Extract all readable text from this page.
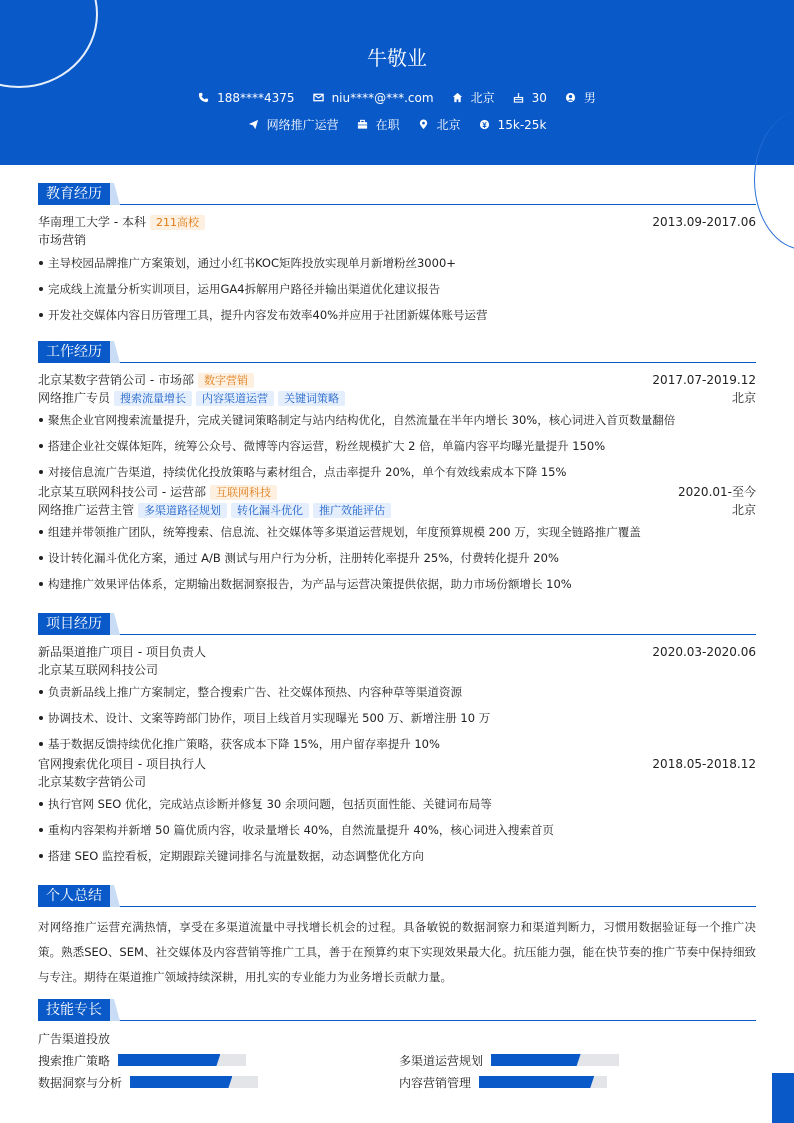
牛敬业
188****4375	niu****@***.com	北京	30	男
网络推广运营	在职	北京	15k-25k
教育经历
华南理工大学 - 本科 211高校	2013.09-2017.06
市场营销
主导校园品牌推广方案策划，通过小红书KOC矩阵投放实现单月新增粉丝3000+
完成线上流量分析实训项目，运用GA4拆解用户路径并输出渠道优化建议报告
开发社交媒体内容日历管理工具，提升内容发布效率40%并应用于社团新媒体账号运营
工作经历
北京某数字营销公司 - 市场部 数字营销	2017.07-2019.12
网络推广专员 搜索流量增长 内容渠道运营 关键词策略	北京
聚焦企业官网搜索流量提升，完成关键词策略制定与站内结构优化，自然流量在半年内增长 30%，核心词进入首页数量翻倍
搭建企业社交媒体矩阵，统筹公众号、微博等内容运营，粉丝规模扩大 2 倍，单篇内容平均曝光量提升 150%
对接信息流广告渠道，持续优化投放策略与素材组合，点击率提升 20%，单个有效线索成本下降 15%
北京某互联网科技公司 - 运营部 互联网科技	2020.01-至今
网络推广运营主管 多渠道路径规划 转化漏斗优化 推广效能评估	北京
组建并带领推广团队，统筹搜索、信息流、社交媒体等多渠道运营规划，年度预算规模 200 万，实现全链路推广覆盖
设计转化漏斗优化方案，通过 A/B 测试与用户行为分析，注册转化率提升 25%，付费转化提升 20%
构建推广效果评估体系，定期输出数据洞察报告，为产品与运营决策提供依据，助力市场份额增长 10%
项目经历
新品渠道推广项目 - 项目负责人	2020.03-2020.06
北京某互联网科技公司
负责新品线上推广方案制定，整合搜索广告、社交媒体预热、内容种草等渠道资源
协调技术、设计、文案等跨部门协作，项目上线首月实现曝光 500 万、新增注册 10 万
基于数据反馈持续优化推广策略，获客成本下降 15%，用户留存率提升 10%
官网搜索优化项目 - 项目执行人	2018.05-2018.12
北京某数字营销公司
执行官网 SEO 优化，完成站点诊断并修复 30 余项问题，包括页面性能、关键词布局等
重构内容架构并新增 50 篇优质内容，收录量增长 40%，自然流量提升 40%，核心词进入搜索首页
搭建 SEO 监控看板，定期跟踪关键词排名与流量数据，动态调整优化方向
个人总结

对网络推广运营充满热情，享受在多渠道流量中寻找增长机会的过程。具备敏锐的数据洞察力和渠道判断力，习惯用数据验证每一个推广决策。熟悉SEO、SEM、社交媒体及内容营销等推广工具，善于在预算约束下实现效果最大化。抗压能力强，能在快节奏的推广节奏中保持细致与专注。期待在渠道推广领域持续深耕，用扎实的专业能力为业务增长贡献力量。

技能专长
广告渠道投放
搜索推广策略	多渠道运营规划
数据洞察与分析	内容营销管理
